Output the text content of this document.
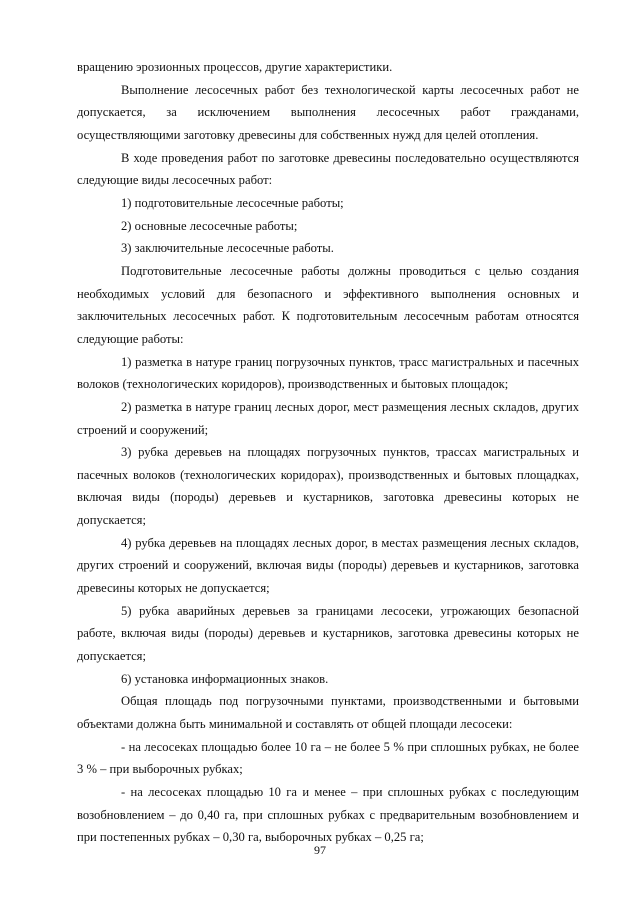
вращению эрозионных процессов, другие характеристики.

Выполнение лесосечных работ без технологической карты лесосечных работ не допускается, за исключением выполнения лесосечных работ гражданами, осуществляющими заготовку древесины для собственных нужд для целей отопления.

В ходе проведения работ по заготовке древесины последовательно осуществляются следующие виды лесосечных работ:

1) подготовительные лесосечные работы;

2) основные лесосечные работы;

3) заключительные лесосечные работы.

Подготовительные лесосечные работы должны проводиться с целью создания необходимых условий для безопасного и эффективного выполнения основных и заключительных лесосечных работ. К подготовительным лесосечным работам относятся следующие работы:

1) разметка в натуре границ погрузочных пунктов, трасс магистральных и пасечных волоков (технологических коридоров), производственных и бытовых площадок;

2) разметка в натуре границ лесных дорог, мест размещения лесных складов, других строений и сооружений;

3) рубка деревьев на площадях погрузочных пунктов, трассах магистральных и пасечных волоков (технологических коридорах), производственных и бытовых площадках, включая виды (породы) деревьев и кустарников, заготовка древесины которых не допускается;

4) рубка деревьев на площадях лесных дорог, в местах размещения лесных складов, других строений и сооружений, включая виды (породы) деревьев и кустарников, заготовка древесины которых не допускается;

5) рубка аварийных деревьев за границами лесосеки, угрожающих безопасной работе, включая виды (породы) деревьев и кустарников, заготовка древесины которых не допускается;

6) установка информационных знаков.

Общая площадь под погрузочными пунктами, производственными и бытовыми объектами должна быть минимальной и составлять от общей площади лесосеки:

- на лесосеках площадью более 10 га – не более 5 % при сплошных рубках, не более 3 % – при выборочных рубках;

- на лесосеках площадью 10 га и менее – при сплошных рубках с последующим возобновлением – до 0,40 га, при сплошных рубках с предварительным возобновлением и при постепенных рубках – 0,30 га, выборочных рубках – 0,25 га;

97
